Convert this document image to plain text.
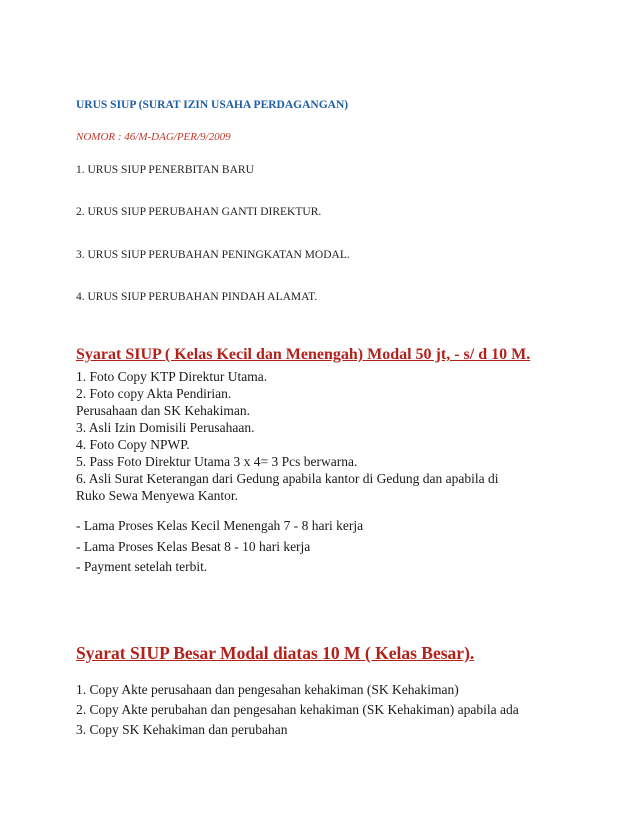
URUS SIUP (SURAT IZIN USAHA PERDAGANGAN)
NOMOR : 46/M-DAG/PER/9/2009
1. URUS SIUP PENERBITAN BARU
2. URUS SIUP PERUBAHAN GANTI DIREKTUR.
3. URUS SIUP PERUBAHAN PENINGKATAN MODAL.
4. URUS SIUP PERUBAHAN PINDAH ALAMAT.
Syarat SIUP ( Kelas Kecil dan Menengah) Modal 50 jt, - s/ d 10 M.
1. Foto Copy KTP Direktur Utama.
2. Foto copy Akta Pendirian.
Perusahaan dan SK Kehakiman.
3. Asli Izin Domisili Perusahaan.
4. Foto Copy NPWP.
5. Pass Foto Direktur Utama 3 x 4= 3 Pcs berwarna.
6. Asli Surat Keterangan dari Gedung apabila kantor di Gedung dan apabila di
Ruko Sewa Menyewa Kantor.
- Lama Proses Kelas Kecil Menengah 7 - 8 hari kerja
- Lama Proses Kelas Besat 8 - 10 hari kerja
- Payment setelah terbit.
Syarat SIUP Besar Modal diatas 10 M ( Kelas Besar).
1. Copy Akte perusahaan dan pengesahan kehakiman (SK Kehakiman)
2. Copy Akte perubahan dan pengesahan kehakiman (SK Kehakiman) apabila ada
3. Copy SK Kehakiman dan perubahan
